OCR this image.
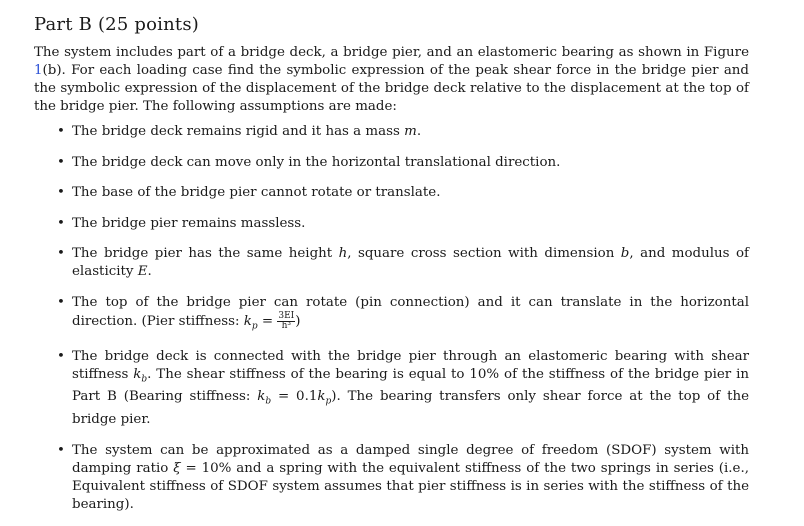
Part B (25 points)

The system includes part of a bridge deck, a bridge pier, and an elastomeric bearing as shown in Figure 1(b). For each loading case find the symbolic expression of the peak shear force in the bridge pier and the symbolic expression of the displacement of the bridge deck relative to the displacement at the top of the bridge pier. The following assumptions are made:

• The bridge deck remains rigid and it has a mass m.
• The bridge deck can move only in the horizontal translational direction.
• The base of the bridge pier cannot rotate or translate.
• The bridge pier remains massless.
• The bridge pier has the same height h, square cross section with dimension b, and modulus of elasticity E.
• The top of the bridge pier can rotate (pin connection) and it can translate in the horizontal direction. (Pier stiffness: $k_p = \frac{3EI}{\text{h³}}$ )
• The bridge deck is connected with the bridge pier through an elastomeric bearing with shear stiffness $k_b$. The shear stiffness of the bearing is equal to 10% of the stiffness of the bridge pier in Part B (Bearing stiffness: $k_b = 0.1k_p$). The bearing transfers only shear force at the top of the bridge pier.
• The system can be approximated as a damped single degree of freedom (SDOF) system with damping ratio ξ = 10% and a spring with the equivalent stiffness of the two springs in series (i.e., Equivalent stiffness of SDOF system assumes that pier stiffness is in series with the stiffness of the bearing).
